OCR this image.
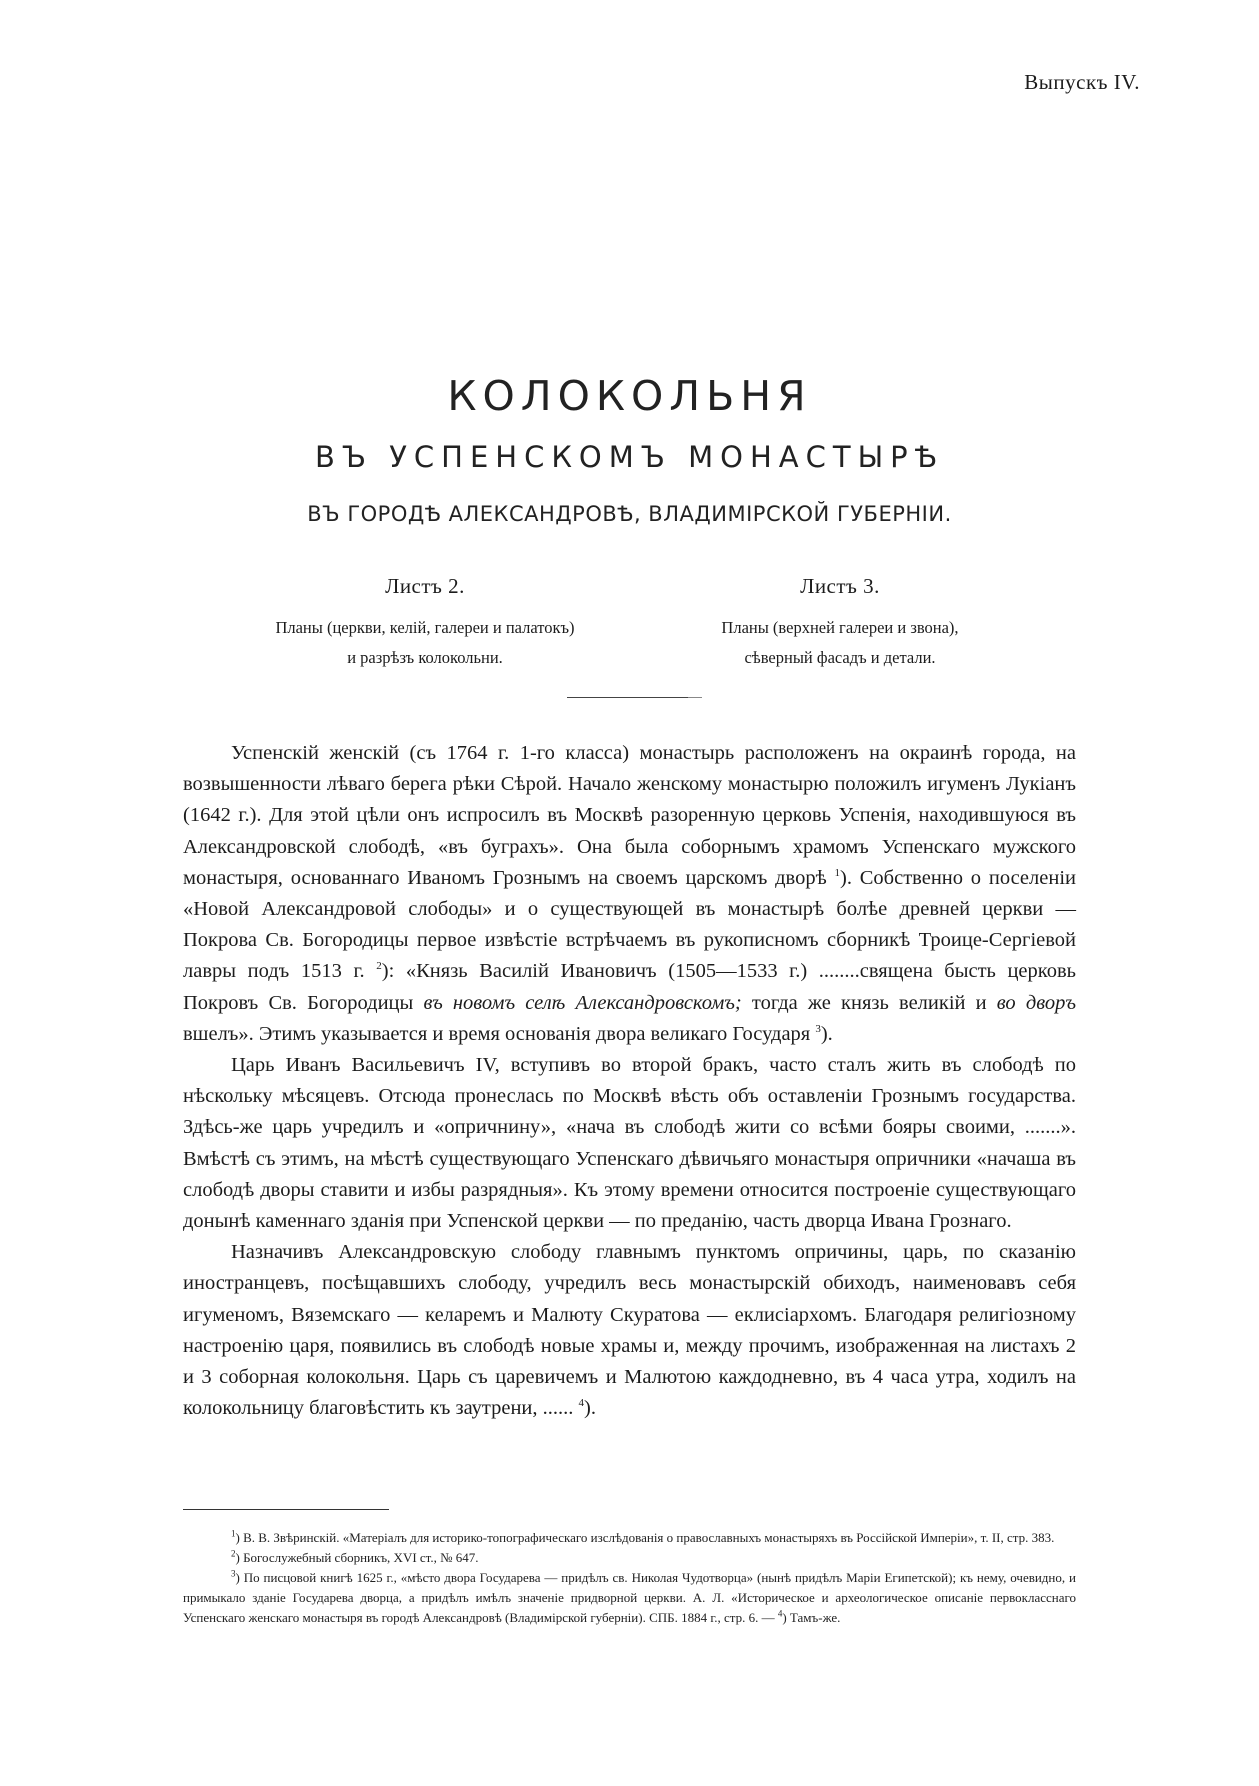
Выпускъ IV.
КОЛОКОЛЬНЯ
ВЪ УСПЕНСКОМЪ МОНАСТЫРѢ
ВЪ ГОРОДѢ АЛЕКСАНДРОВѢ, ВЛАДИМІРСКОЙ ГУБЕРНІИ.
Листъ 2.
Планы (церкви, келій, галереи и палатокъ)
и разрѣзъ колокольни.
Листъ 3.
Планы (верхней галереи и звона),
сѣверный фасадъ и детали.

Успенскій женскій (съ 1764 г. 1-го класса) монастырь расположенъ на окраинѣ города, на возвышенности лѣваго берега рѣки Сѣрой. Начало женскому монастырю положилъ игуменъ Лукіанъ (1642 г.). Для этой цѣли онъ испросилъ въ Москвѣ разоренную церковь Успенія, находившуюся въ Александровской слободѣ, «въ буграхъ». Она была соборнымъ храмомъ Успенскаго мужского монастыря, основаннаго Иваномъ Грознымъ на своемъ царскомъ дворѣ $^1$). Собственно о поселеніи «Новой Александровой слободы» и о существующей въ монастырѣ болѣе древней церкви — Покрова Св. Богородицы первое извѣстіе встрѣчаемъ въ рукописномъ сборникѣ Троице-Сергіевой лавры подъ 1513 г. $^2$): «Князь Василій Ивановичъ (1505—1533 г.) ........священа бысть церковь Покровъ Св. Богородицы въ новомъ селѣ Александровскомъ; тогда же князь великій и во дворъ вшелъ». Этимъ указывается и время основанія двора великаго Государя $^3$).

Царь Иванъ Васильевичъ IV, вступивъ во второй бракъ, часто сталъ жить въ слободѣ по нѣскольку мѣсяцевъ. Отсюда пронеслась по Москвѣ вѣсть объ оставленіи Грознымъ государства. Здѣсь-же царь учредилъ и «опричнину», «нача въ слободѣ жити со всѣми бояры своими, .......». Вмѣстѣ съ этимъ, на мѣстѣ существующаго Успенскаго дѣвичьяго монастыря опричники «начаша въ слободѣ дворы ставити и избы разрядныя». Къ этому времени относится построеніе существующаго донынѣ каменнаго зданія при Успенской церкви — по преданію, часть дворца Ивана Грознаго.

Назначивъ Александровскую слободу главнымъ пунктомъ опричины, царь, по сказанію иностранцевъ, посѣщавшихъ слободу, учредилъ весь монастырскій обиходъ, наименовавъ себя игуменомъ, Вяземскаго — келаремъ и Малюту Скуратова — еклисіархомъ. Благодаря религіозному настроенію царя, появились въ слободѣ новые храмы и, между прочимъ, изображенная на листахъ 2 и 3 соборная колокольня. Царь съ царевичемъ и Малютою каждодневно, въ 4 часа утра, ходилъ на колокольницу благовѣстить къ заутрени, ...... $^4$).

$^1$) В. В. Звѣринскій. «Матеріалъ для историко-топографическаго изслѣдованія о православныхъ монастыряхъ въ Россійской Имперіи», т. II, стр. 383.

$^2$) Богослужебный сборникъ, XVI ст., № 647.

$^3$) По писцовой книгѣ 1625 г., «мѣсто двора Государева — придѣлъ св. Николая Чудотворца» (нынѣ придѣлъ Маріи Египетской); къ нему, очевидно, и примыкало зданіе Государева дворца, а придѣлъ имѣлъ значеніе придворной церкви. А. Л. «Историческое и археологическое описаніе первокласснаго Успенскаго женскаго монастыря въ городѣ Александровѣ (Владимірской губерніи). СПБ. 1884 г., стр. 6. — $^4$) Тамъ-же.
